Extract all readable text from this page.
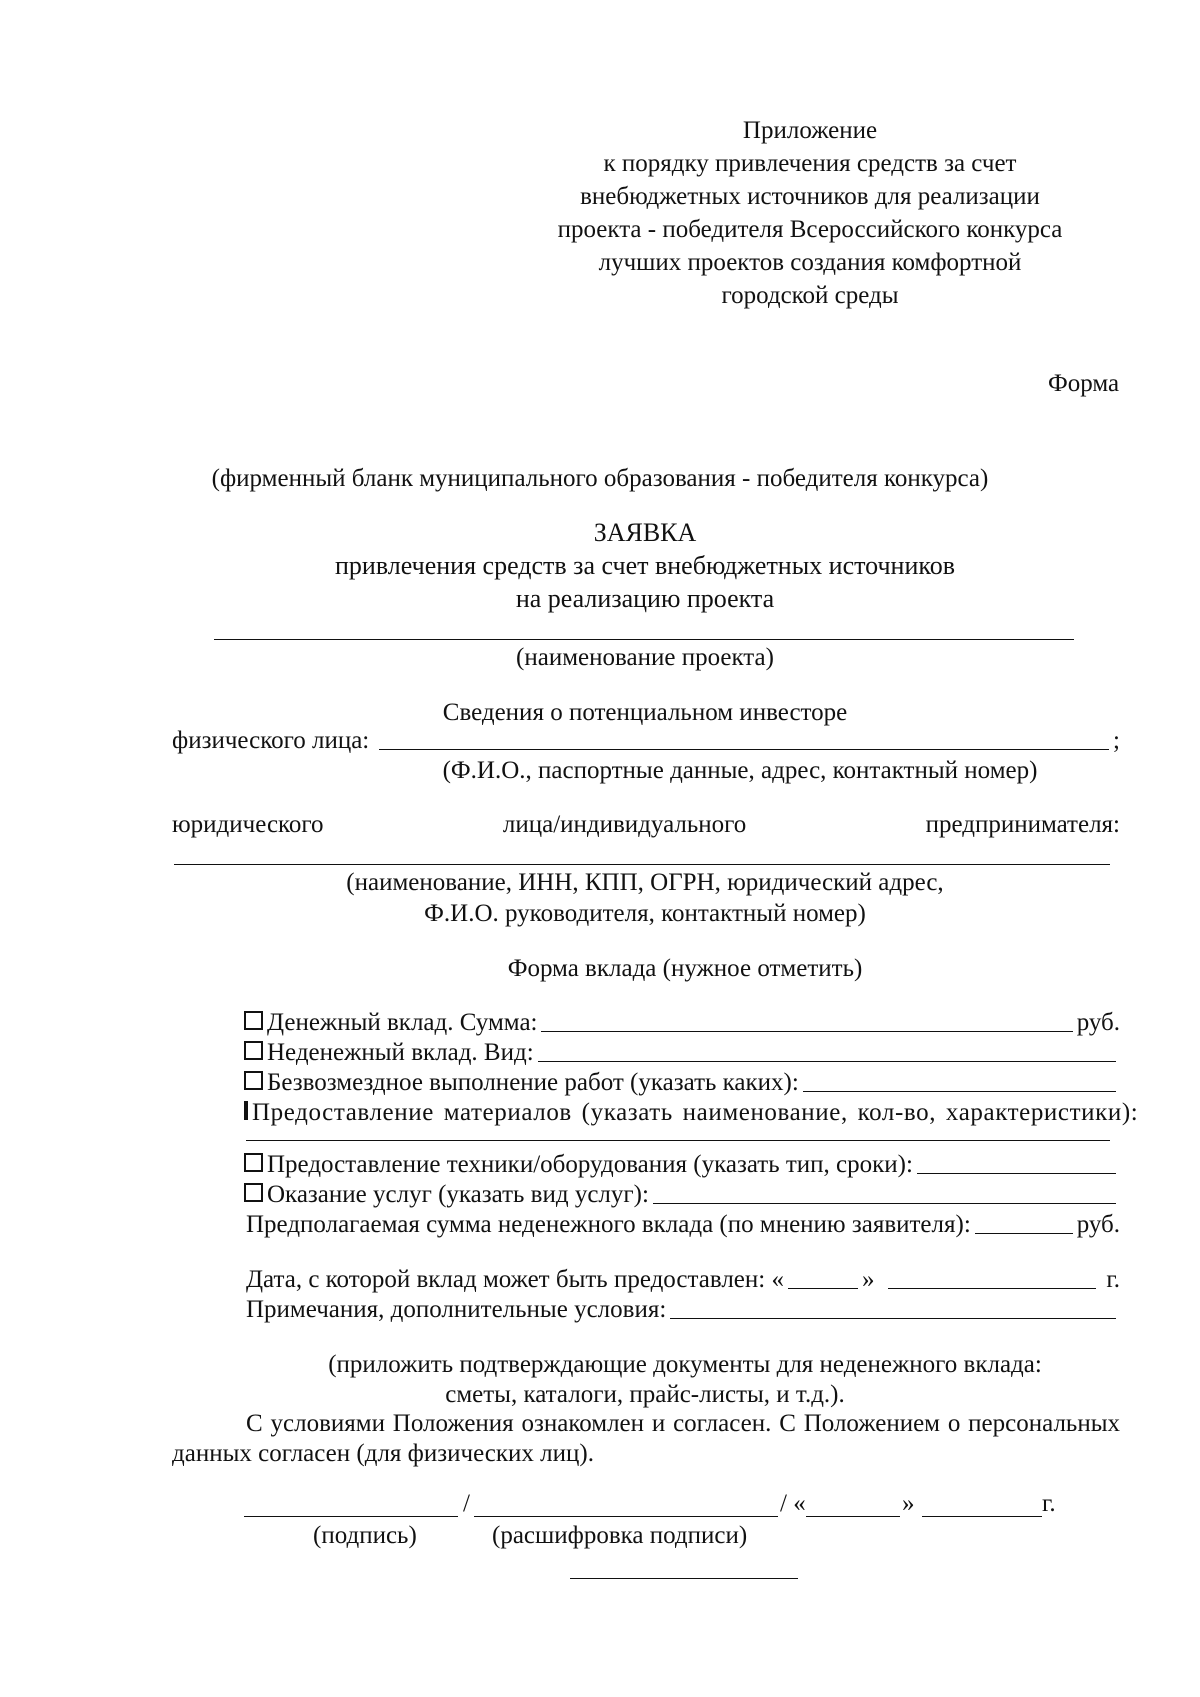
Приложение
к порядку привлечения средств за счет
внебюджетных источников для реализации
проекта - победителя Всероссийского конкурса
лучших проектов создания комфортной
городской среды
Форма
(фирменный бланк муниципального образования - победителя конкурса)
ЗАЯВКА
привлечения средств за счет внебюджетных источников
на реализацию проекта
(наименование проекта)
Сведения о потенциальном инвесторе
физического лица:	;
(Ф.И.О., паспортные данные, адрес, контактный номер)
юридического	лица/индивидуального	предпринимателя:
(наименование, ИНН, КПП, ОГРН, юридический адрес,
Ф.И.О. руководителя, контактный номер)
Форма вклада (нужное отметить)
Денежный вклад. Сумма:	руб.
Неденежный вклад. Вид:
Безвозмездное выполнение работ (указать каких):
Предоставление материалов (указать наименование, кол-во, характеристики):
Предоставление техники/оборудования (указать тип, сроки):
Оказание услуг (указать вид услуг):
Предполагаемая сумма неденежного вклада (по мнению заявителя):	руб.
Дата, с которой вклад может быть предоставлен: «	»	г.
Примечания, дополнительные условия:
(приложить подтверждающие документы для неденежного вклада:
сметы, каталоги, прайс-листы, и т.д.).
С условиями Положения ознакомлен и согласен. С Положением о персональных
данных согласен (для физических лиц).
/	/ «	»	г.
(подпись)	(расшифровка подписи)
